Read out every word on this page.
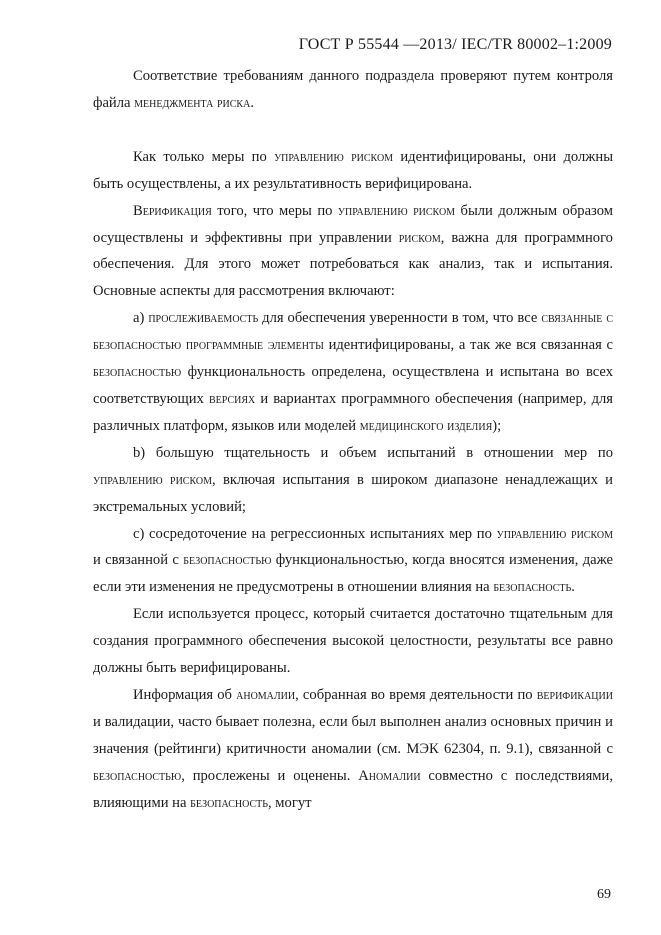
ГОСТ Р 55544 —2013/ IEC/TR 80002–1:2009

Соответствие требованиям данного подраздела проверяют путем контроля файла менеджмента риска.

Как только меры по управлению риском идентифицированы, они должны быть осуществлены, а их результативность верифицирована.

Верификация того, что меры по управлению риском были должным образом осуществлены и эффективны при управлении риском, важна для программного обеспечения. Для этого может потребоваться как анализ, так и испытания. Основные аспекты для рассмотрения включают:

a) прослеживаемость для обеспечения уверенности в том, что все связанные с безопасностью программные элементы идентифицированы, а так же вся связанная с безопасностью функциональность определена, осуществлена и испытана во всех соответствующих версиях и вариантах программного обеспечения (например, для различных платформ, языков или моделей медицинского изделия);

b) большую тщательность и объем испытаний в отношении мер по управлению риском, включая испытания в широком диапазоне ненадлежащих и экстремальных условий;

c) сосредоточение на регрессионных испытаниях мер по управлению риском и связанной с безопасностью функциональностью, когда вносятся изменения, даже если эти изменения не предусмотрены в отношении влияния на безопасность.

Если используется процесс, который считается достаточно тщательным для создания программного обеспечения высокой целостности, результаты все равно должны быть верифицированы.

Информация об аномалии, собранная во время деятельности по верификации и валидации, часто бывает полезна, если был выполнен анализ основных причин и значения (рейтинги) критичности аномалии (см. МЭК 62304, п. 9.1), связанной с безопасностью, прослежены и оценены. Аномалии совместно с последствиями, влияющими на безопасность, могут

69
